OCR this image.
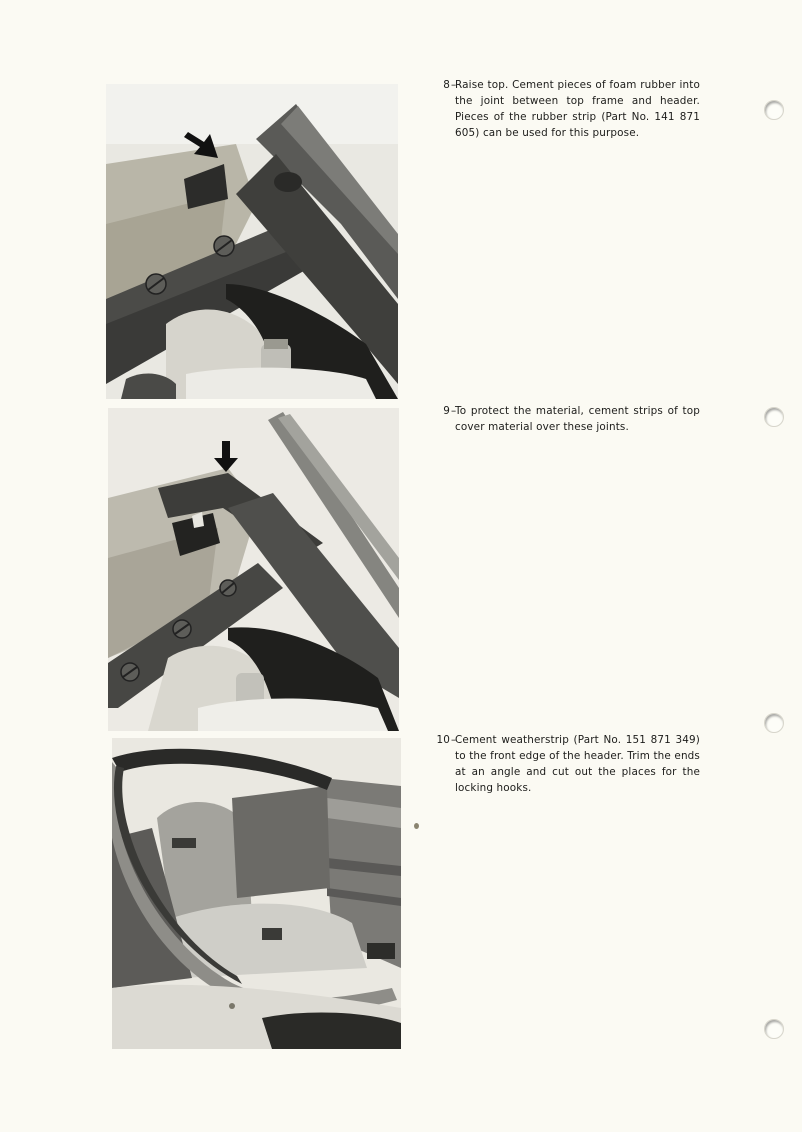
8 –
Raise top. Cement pieces of foam rubber into the joint between top frame and header. Pieces of the rubber strip (Part No. 141 871 605) can be used for this purpose.
9 –
To protect the material, cement strips of top cover material over these joints.
10 –
Cement weatherstrip (Part No. 151 871 349) to the front edge of the header. Trim the ends at an angle and cut out the places for the locking hooks.
